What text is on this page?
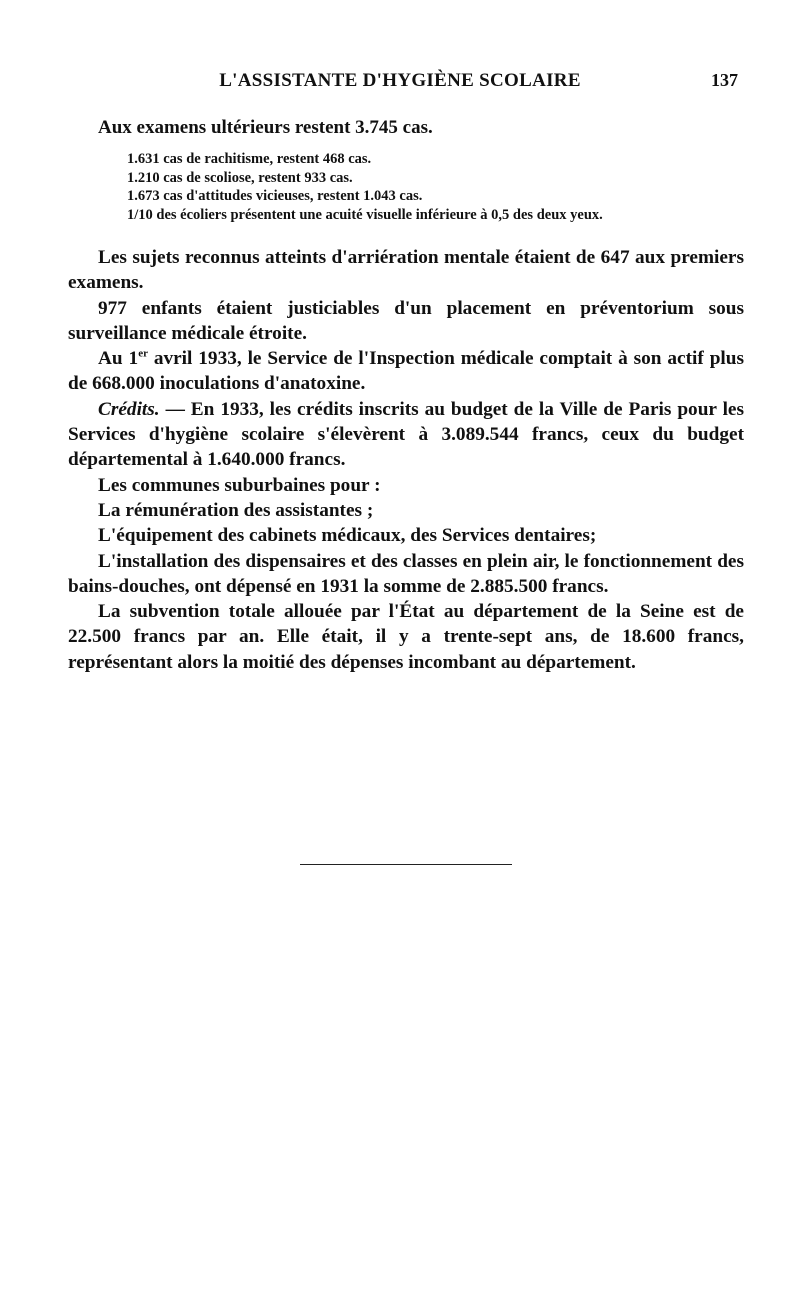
L'ASSISTANTE D'HYGIÈNE SCOLAIRE	137
Aux examens ultérieurs restent 3.745 cas.
1.631 cas de rachitisme, restent 468 cas.
1.210 cas de scoliose, restent 933 cas.
1.673 cas d'attitudes vicieuses, restent 1.043 cas.
1/10 des écoliers présentent une acuité visuelle inférieure à 0,5 des deux yeux.

Les sujets reconnus atteints d'arriération mentale étaient de 647 aux premiers examens.

977 enfants étaient justiciables d'un placement en préventorium sous surveillance médicale étroite.

Au 1er avril 1933, le Service de l'Inspection médicale comptait à son actif plus de 668.000 inoculations d'anatoxine.

Crédits. — En 1933, les crédits inscrits au budget de la Ville de Paris pour les Services d'hygiène scolaire s'élevèrent à 3.089.544 francs, ceux du budget départemental à 1.640.000 francs.

Les communes suburbaines pour :

La rémunération des assistantes ;

L'équipement des cabinets médicaux, des Services dentaires;

L'installation des dispensaires et des classes en plein air, le fonctionnement des bains-douches, ont dépensé en 1931 la somme de 2.885.500 francs.

La subvention totale allouée par l'État au département de la Seine est de 22.500 francs par an. Elle était, il y a trente-sept ans, de 18.600 francs, représentant alors la moitié des dépenses incombant au département.
